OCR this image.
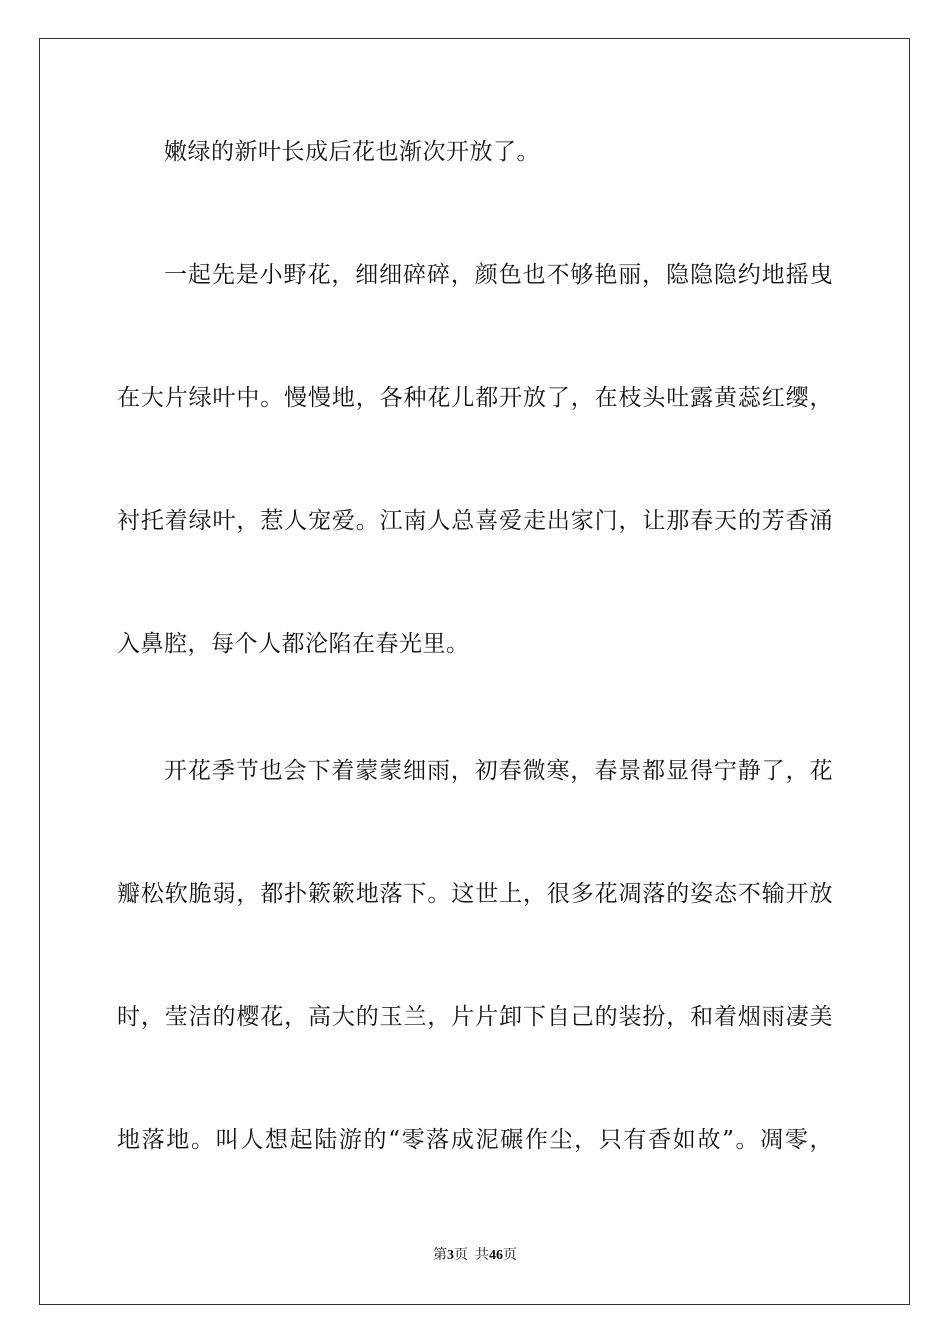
嫩绿的新叶长成后花也渐次开放了。
一起先是小野花，细细碎碎，颜色也不够艳丽，隐隐隐约地摇曳
在大片绿叶中。慢慢地，各种花儿都开放了，在枝头吐露黄蕊红缨，
衬托着绿叶，惹人宠爱。江南人总喜爱走出家门，让那春天的芳香涌
入鼻腔，每个人都沦陷在春光里。
开花季节也会下着蒙蒙细雨，初春微寒，春景都显得宁静了，花
瓣松软脆弱，都扑簌簌地落下。这世上，很多花凋落的姿态不输开放
时，莹洁的樱花，高大的玉兰，片片卸下自己的装扮，和着烟雨凄美
地落地。叫人想起陆游的“零落成泥碾作尘，只有香如故”。凋零，
第3页  共46页
